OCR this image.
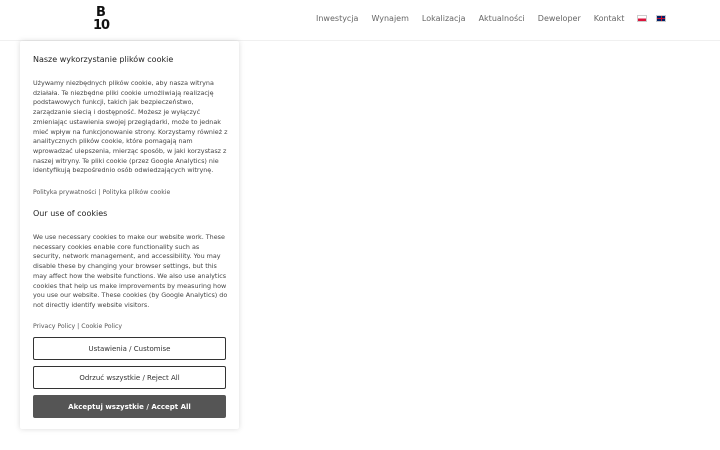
B
10	Inwestycja Wynajem Lokalizacja Aktualności Deweloper Kontakt
Nasze wykorzystanie plików cookie

Używamy niezbędnych plików cookie, aby nasza witryna działała. Te niezbędne pliki cookie umożliwiają realizację podstawowych funkcji, takich jak bezpieczeństwo, zarządzanie siecią i dostępność. Możesz je wyłączyć zmieniając ustawienia swojej przeglądarki, może to jednak mieć wpływ na funkcjonowanie strony. Korzystamy również z analitycznych plików cookie, które pomagają nam wprowadzać ulepszenia, mierząc sposób, w jaki korzystasz z naszej witryny. Te pliki cookie (przez Google Analytics) nie identyfikują bezpośrednio osób odwiedzających witrynę.

Polityka prywatności | Polityka plików cookie
Our use of cookies

We use necessary cookies to make our website work. These necessary cookies enable core functionality such as security, network management, and accessibility. You may disable these by changing your browser settings, but this may affect how the website functions. We also use analytics cookies that help us make improvements by measuring how you use our website. These cookies (by Google Analytics) do not directly identify website visitors.

Privacy Policy | Cookie Policy
Ustawienia / Customise
Odrzuć wszystkie / Reject All
Akceptuj wszystkie / Accept All
